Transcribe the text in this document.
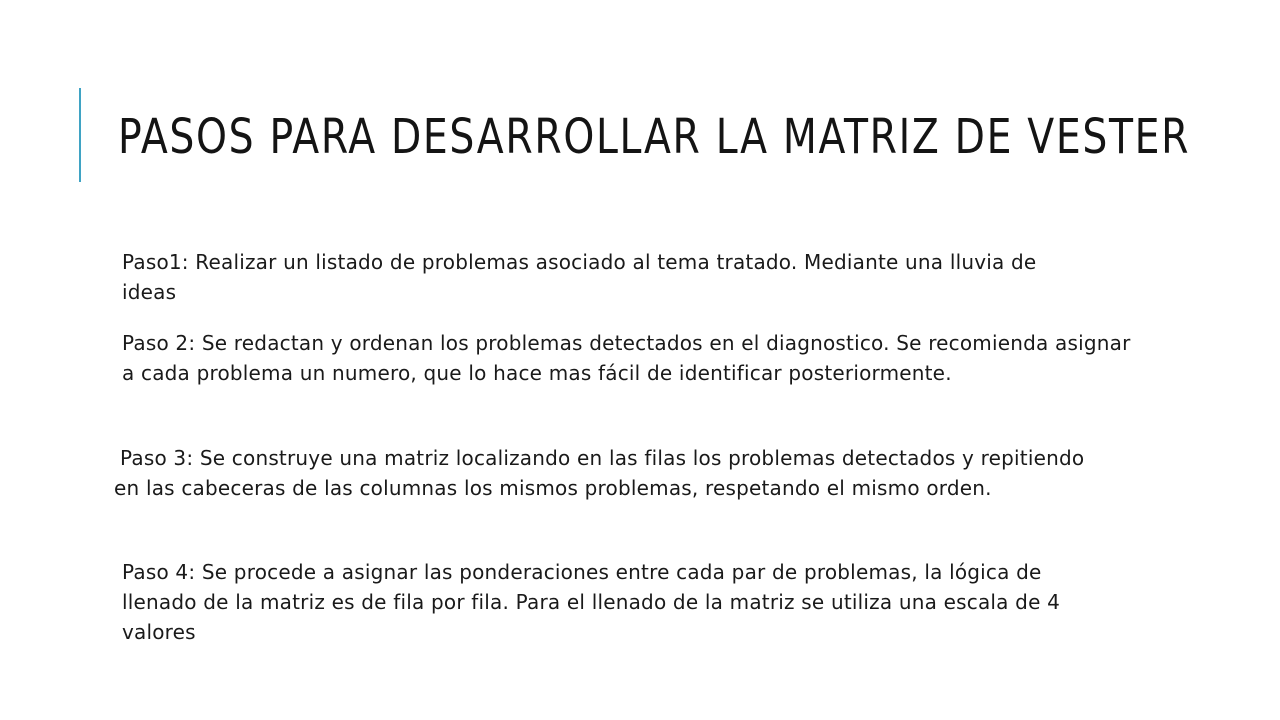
PASOS PARA DESARROLLAR LA MATRIZ DE VESTER

Paso1: Realizar un listado de problemas asociado al tema tratado. Mediante una lluvia de ideas

Paso 2: Se redactan y ordenan los problemas detectados en el diagnostico. Se recomienda asignar a cada problema un numero, que lo hace mas fácil de identificar posteriormente.

Paso 3: Se construye una matriz localizando en las filas los problemas detectados y repitiendo en las cabeceras de las columnas los mismos problemas, respetando el mismo orden.

Paso 4: Se procede a asignar las ponderaciones entre cada par de problemas, la lógica de llenado de la matriz es de fila por fila. Para el llenado de la matriz se utiliza una escala de 4 valores
